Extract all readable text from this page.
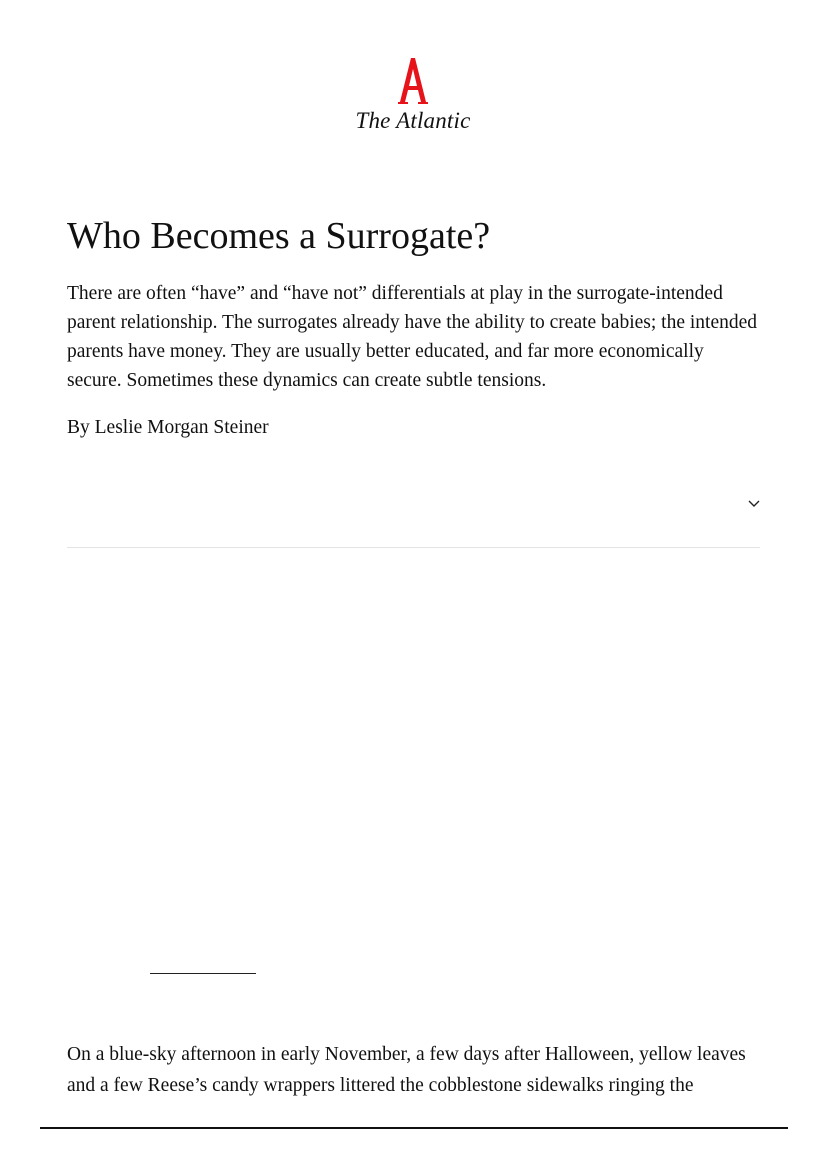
The Atlantic
Who Becomes a Surrogate?

There are often “have” and “have not” differentials at play in the surrogate-intended parent relationship. The surrogates already have the ability to create babies; the intended parents have money. They are usually better educated, and far more economically secure. Sometimes these dynamics can create subtle tensions.

By Leslie Morgan Steiner

On a blue-sky afternoon in early November, a few days after Halloween, yellow leaves and a few Reese’s candy wrappers littered the cobblestone sidewalks ringing the
